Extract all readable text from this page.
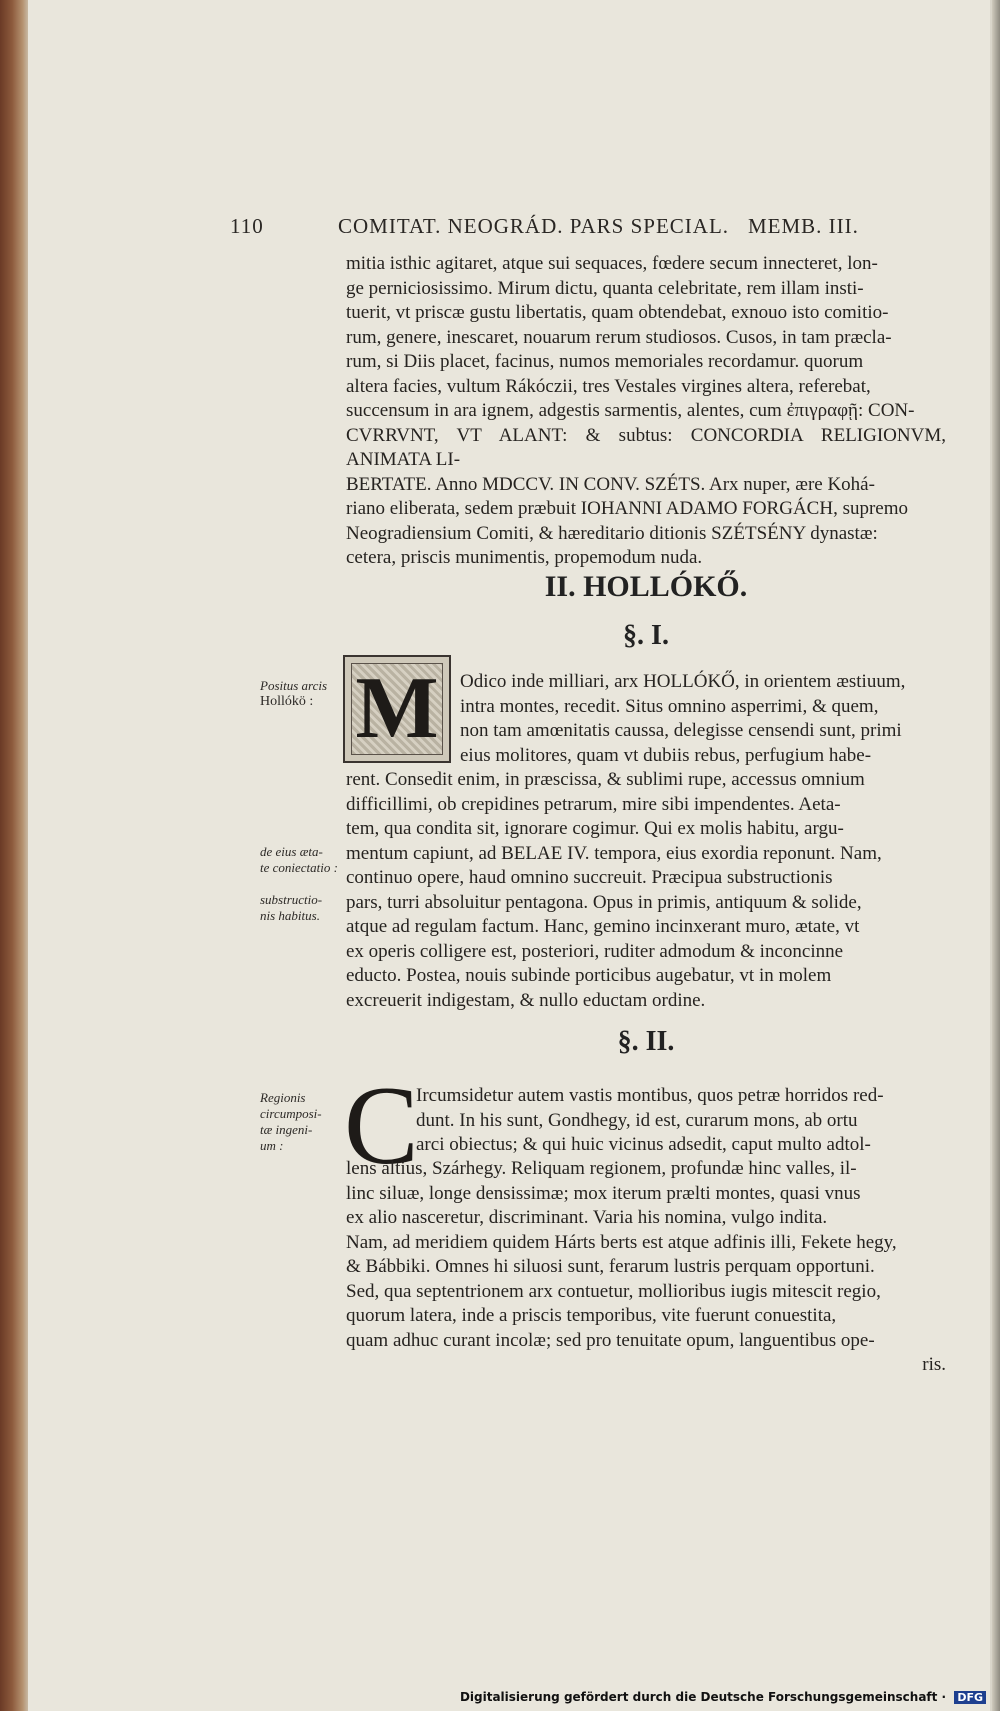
110	COMITAT. NEOGRÁD. PARS SPECIAL. MEMB. III.

mitia isthic agitaret, atque sui sequaces, fœdere secum innecteret, lon-

ge perniciosissimo. Mirum dictu, quanta celebritate, rem illam insti-

tuerit, vt priscæ gustu libertatis, quam obtendebat, exnouo isto comitio-

rum, genere, inescaret, nouarum rerum studiosos. Cusos, in tam præcla-

rum, si Diis placet, facinus, numos memoriales recordamur. quorum

altera facies, vultum Rákóczii, tres Vestales virgines altera, referebat,

succensum in ara ignem, adgestis sarmentis, alentes, cum ἐπιγραφῇ: CON-

CVRRVNT, VT ALANT: & subtus: CONCORDIA RELIGIONVM, ANIMATA LI-

BERTATE. Anno MDCCV. IN CONV. SZÉTS. Arx nuper, ære Kohá-

riano eliberata, sedem præbuit IOHANNI ADAMO FORGÁCH, supremo

Neogradiensium Comiti, & hæreditario ditionis SZÉTSÉNY dynastæ:

cetera, priscis munimentis, propemodum nuda.

II. HOLLÓKŐ.
§. I.
Positus arcis
Hollókö : M	Odico inde milliari, arx HOLLÓKŐ, in orientem æstiuum,

intra montes, recedit. Situs omnino asperrimi, & quem,

non tam amœnitatis caussa, delegisse censendi sunt, primi

eius molitores, quam vt dubiis rebus, perfugium habe-

rent. Consedit enim, in præscissa, & sublimi rupe, accessus omnium

difficillimi, ob crepidines petrarum, mire sibi impendentes. Aeta-

tem, qua condita sit, ignorare cogimur. Qui ex molis habitu, argu-

mentum capiunt, ad BELAE IV. tempora, eius exordia reponunt. Nam,

continuo opere, haud omnino succreuit. Præcipua substructionis

pars, turri absoluitur pentagona. Opus in primis, antiquum & solide,

atque ad regulam factum. Hanc, gemino incinxerant muro, ætate, vt

ex operis colligere est, posteriori, ruditer admodum & inconcinne

educto. Postea, nouis subinde porticibus augebatur, vt in molem

excreuerit indigestam, & nullo eductam ordine.

de eius æta-
te coniectatio :
substructio-
nis habitus.
§. II.
Regionis
circumposi-
tæ ingeni-
um : C

Ircumsidetur autem vastis montibus, quos petræ horridos red-

dunt. In his sunt, Gondhegy, id est, curarum mons, ab ortu

arci obiectus; & qui huic vicinus adsedit, caput multo adtol-

lens altius, Szárhegy. Reliquam regionem, profundæ hinc valles, il-

linc siluæ, longe densissimæ; mox iterum prælti montes, quasi vnus

ex alio nasceretur, discriminant. Varia his nomina, vulgo indita.

Nam, ad meridiem quidem Hárts berts est atque adfinis illi, Fekete hegy,

& Bábbiki. Omnes hi siluosi sunt, ferarum lustris perquam opportuni.

Sed, qua septentrionem arx contuetur, mollioribus iugis mitescit regio,

quorum latera, inde a priscis temporibus, vite fuerunt conuestita,

quam adhuc curant incolæ; sed pro tenuitate opum, languentibus ope-

ris.

Digitalisierung gefördert durch die Deutsche Forschungsgemeinschaft · DFG
